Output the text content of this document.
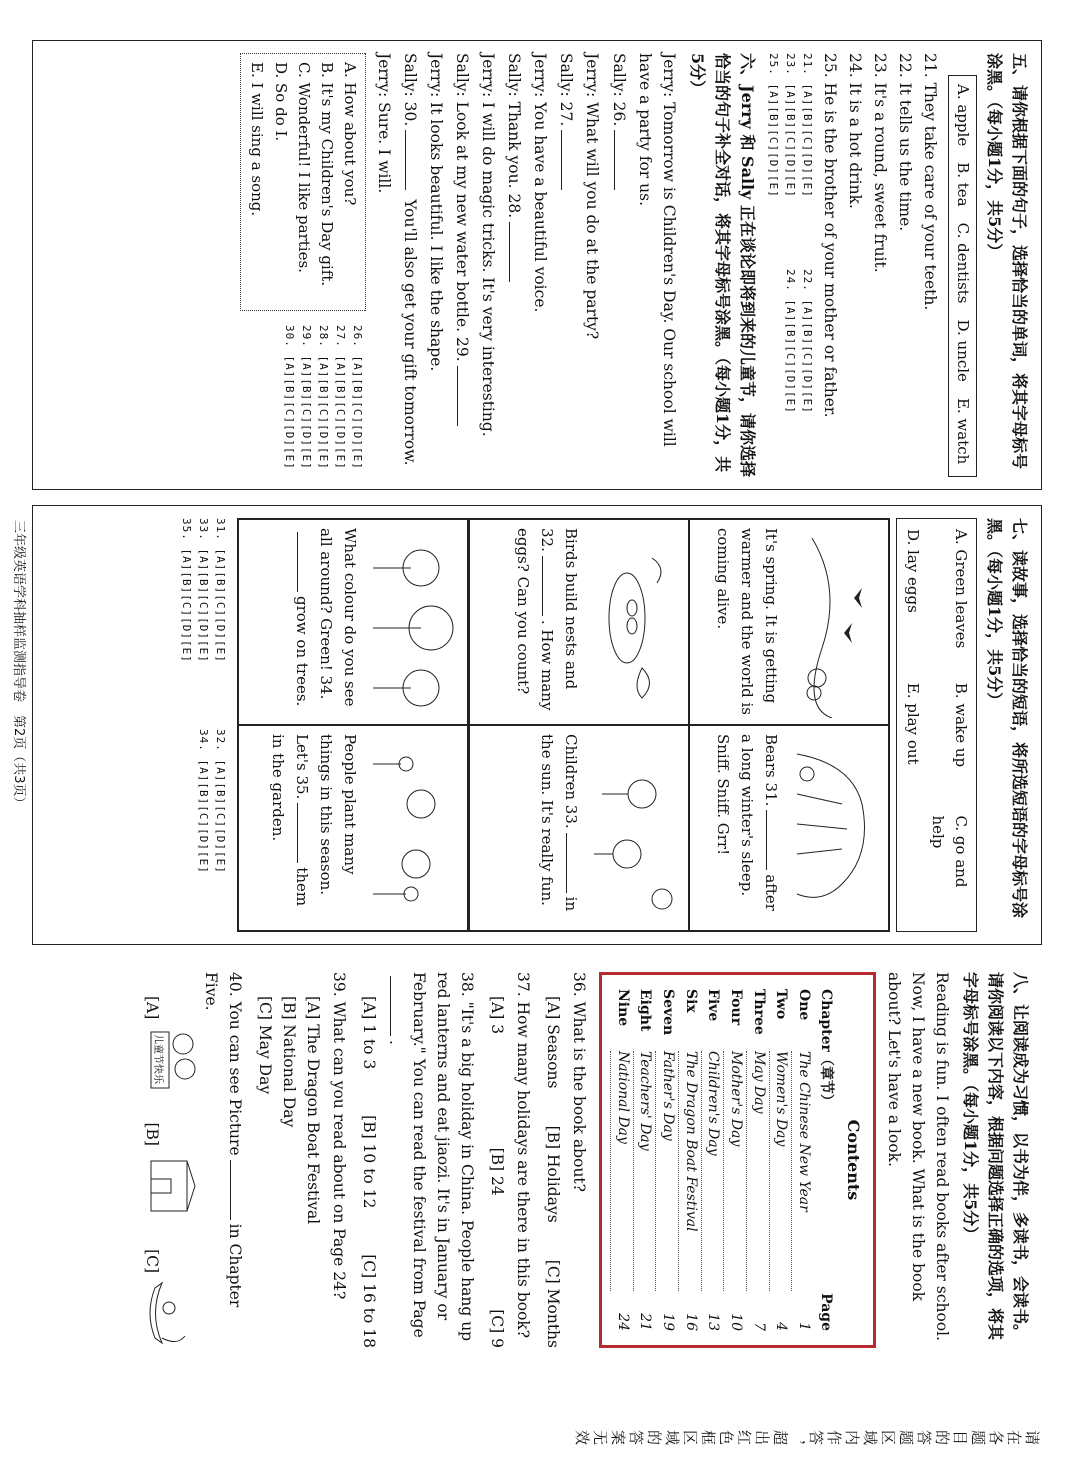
五、请你根据下面的句子，选择恰当的单词，将其字母标号涂黑。（每小题1分，共5分）
A. apple
B. tea
C. dentists
D. uncle
E. watch
21. They take care of your teeth.
22. It tells us the time.
23. It's a round, sweet fruit.
24. It is a hot drink.
25. He is the brother of your mother or father.
21. [A][B][C][D][E]
22. [A][B][C][D][E]
23. [A][B][C][D][E]
24. [A][B][C][D][E]
25. [A][B][C][D][E]
六、Jerry 和 Sally 正在谈论即将到来的儿童节，请你选择恰当的句子补全对话，将其字母标号涂黑。（每小题1分，共5分）
Jerry: Tomorrow is Children's Day. Our school will have a party for us.
Sally: 26.
Jerry: What will you do at the party?
Sally: 27.
Jerry: You have a beautiful voice.
Sally: Thank you. 28.
Jerry: I will do magic tricks. It's very interesting.
Sally: Look at my new water bottle. 29.
Jerry: It looks beautiful. I like the shape.
Sally: 30. You'll also get your gift tomorrow.
Jerry: Sure. I will.
A. How about you?
B. It's my Children's Day gift.
C. Wonderful! I like parties.
D. So do I.
E. I will sing a song.
26. [A][B][C][D][E]
27. [A][B][C][D][E]
28. [A][B][C][D][E]
29. [A][B][C][D][E]
30. [A][B][C][D][E]
七、读故事，选择恰当的短语，将所选短语的字母标号涂黑。（每小题1分，共5分）
A. Green leaves
B. wake up
C. go and help
D. lay eggs
E. play out
It's spring. It is getting warmer and the world is coming alive.
Bears 31.after a long winter's sleep. Sniff. Sniff. Grr!
Birds build nests and 32.. How many eggs? Can you count?
Children 33.in the sun. It's really fun.
What colour do you see all around? Green! 34.grow on trees.
People plant many things in this season. Let's 35.them in the garden.
31. [A][B][C][D][E]
32. [A][B][C][D][E]
33. [A][B][C][D][E]
34. [A][B][C][D][E]
35. [A][B][C][D][E]
八、让阅读成为习惯，以书为伴，多读书，会读书。请你阅读以下内容，根据问题选择正确的选项，将其字母标号涂黑。（每小题1分，共5分）
Reading is fun. I often read books after school. Now, I have a new book. What is the book about? Let's have a look.
Contents
Chapter（章节）
Page
One
The Chinese New Year
1
Two
Women's Day
4
Three
May Day
7
Four
Mother's Day
10
Five
Children's Day
13
Six
The Dragon Boat Festival
16
Seven
Father's Day
19
Eight
Teachers' Day
21
Nine
National Day
24
36. What is the book about?
[A] Seasons
[B] Holidays
[C] Months
37. How many holidays are there in this book?
[A] 3
[B] 24
[C] 9
38. "It's a big holiday in China. People hang up red lanterns and eat jiaozi. It's in January or February." You can read the festival from Page.
[A] 1 to 3
[B] 10 to 12
[C] 16 to 18
39. What can you read about on Page 24?
[A] The Dragon Boat Festival
[B] National Day
[C] May Day
40. You can see Picturein Chapter Five.
[A]
儿童节快乐
[B]
[C]
请在各题目的答题区域内作答，超出红色框区域的答案无效
三年级英语学科抽样监测指导卷　第2页（共3页）
